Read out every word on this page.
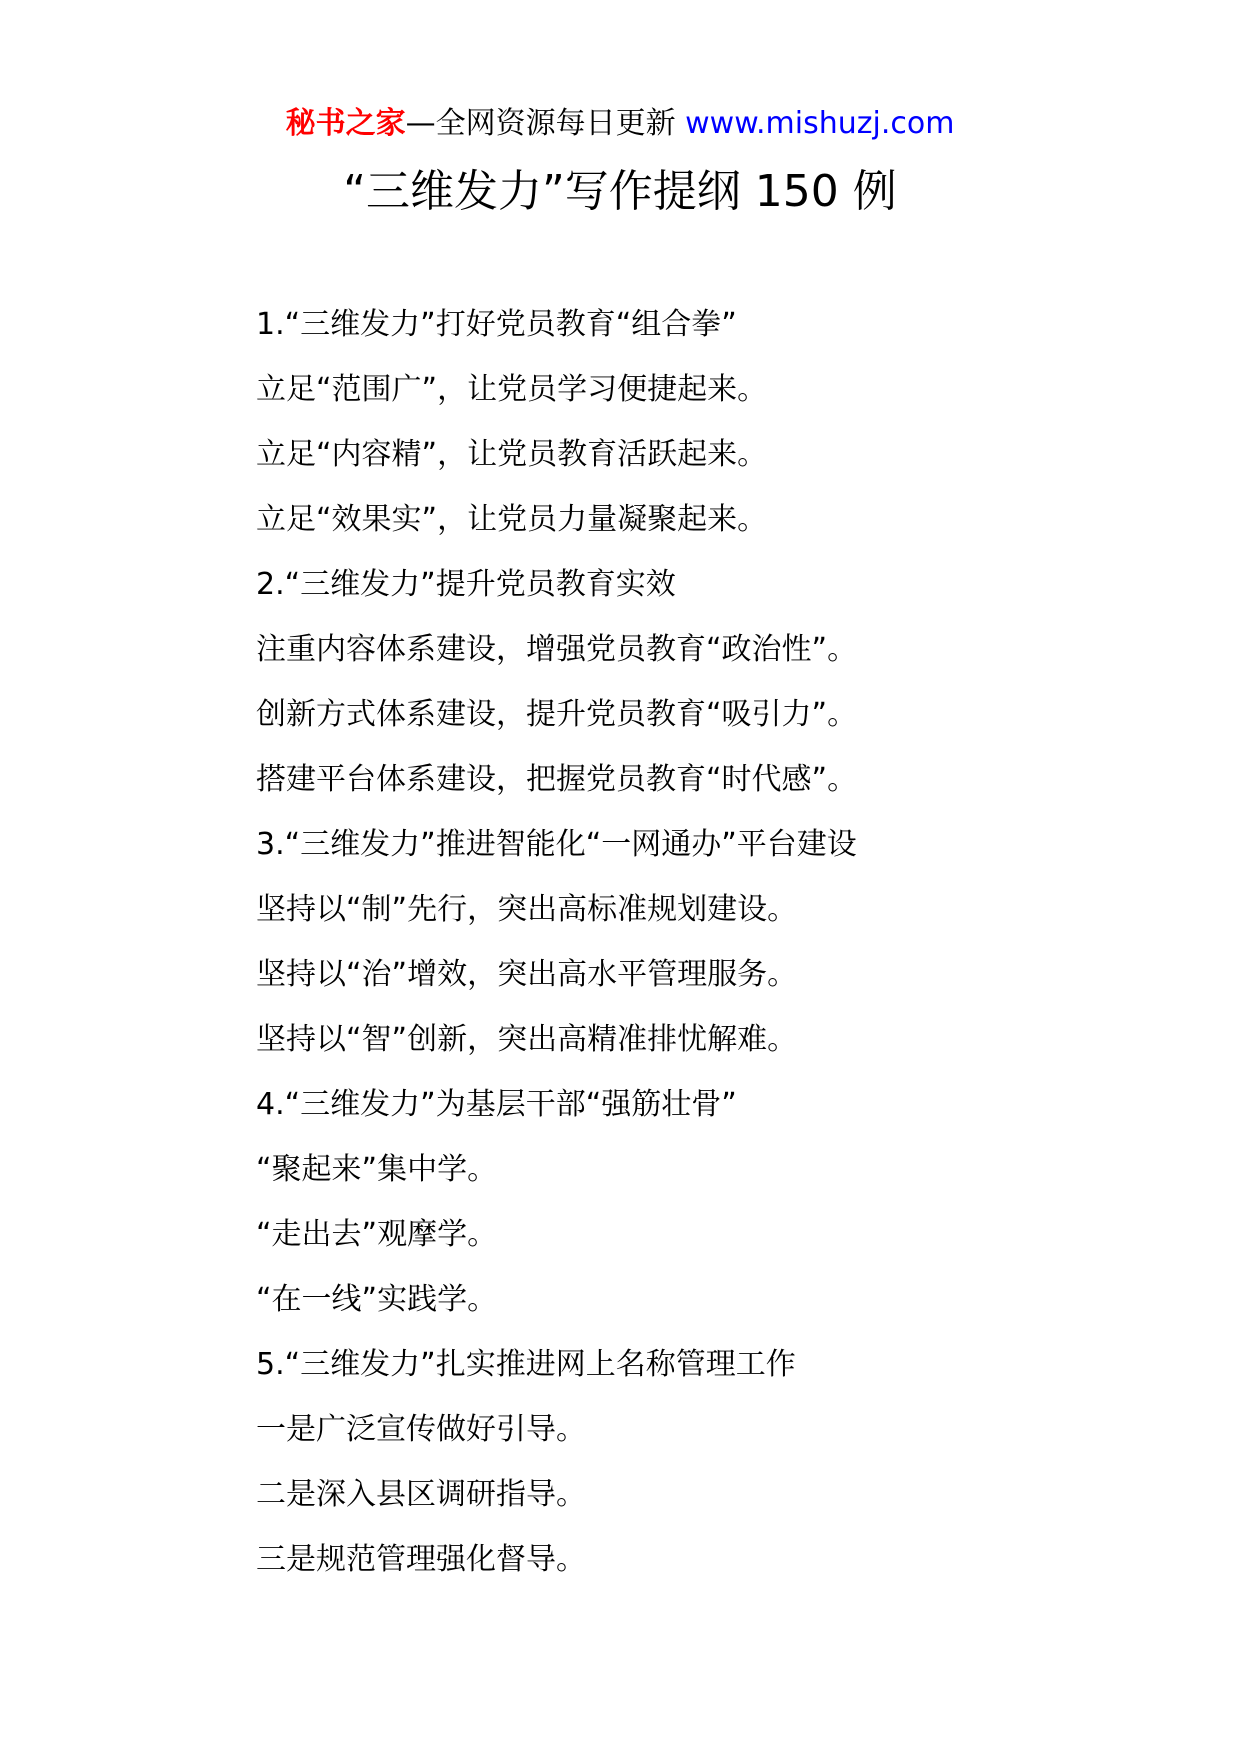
秘书之家—全网资源每日更新 www.mishuzj.com
“三维发力”写作提纲 150 例
1.“三维发力”打好党员教育“组合拳”
立足“范围广”，让党员学习便捷起来。
立足“内容精”，让党员教育活跃起来。
立足“效果实”，让党员力量凝聚起来。
2.“三维发力”提升党员教育实效
注重内容体系建设，增强党员教育“政治性”。
创新方式体系建设，提升党员教育“吸引力”。
搭建平台体系建设，把握党员教育“时代感”。
3.“三维发力”推进智能化“一网通办”平台建设
坚持以“制”先行，突出高标准规划建设。
坚持以“治”增效，突出高水平管理服务。
坚持以“智”创新，突出高精准排忧解难。
4.“三维发力”为基层干部“强筋壮骨”
“聚起来”集中学。
“走出去”观摩学。
“在一线”实践学。
5.“三维发力”扎实推进网上名称管理工作
一是广泛宣传做好引导。
二是深入县区调研指导。
三是规范管理强化督导。
